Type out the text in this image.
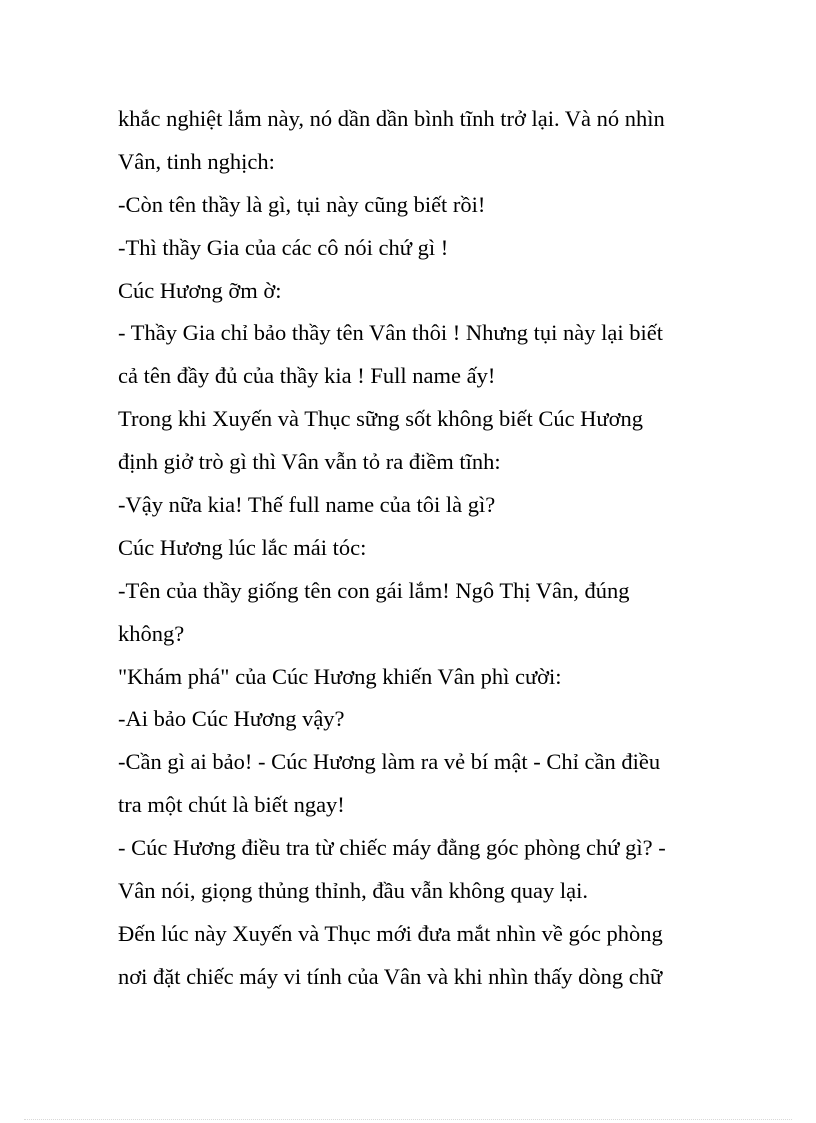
khắc nghiệt lắm này, nó dần dần bình tĩnh trở lại. Và nó nhìn
Vân, tinh nghịch:
-Còn tên thầy là gì, tụi này cũng biết rồi!
-Thì thầy Gia của các cô nói chứ gì !
Cúc Hương ỡm ờ:
- Thầy Gia chỉ bảo thầy tên Vân thôi ! Nhưng tụi này lại biết
cả tên đầy đủ của thầy kia ! Full name ấy!
Trong khi Xuyến và Thục sững sốt không biết Cúc Hương
định giở trò gì thì Vân vẫn tỏ ra điềm tĩnh:
-Vậy nữa kia! Thế full name của tôi là gì?
Cúc Hương lúc lắc mái tóc:
-Tên của thầy giống tên con gái lắm! Ngô Thị Vân, đúng
không?
"Khám phá" của Cúc Hương khiến Vân phì cười:
-Ai bảo Cúc Hương vậy?
-Cần gì ai bảo! - Cúc Hương làm ra vẻ bí mật - Chỉ cần điều
tra một chút là biết ngay!
- Cúc Hương điều tra từ chiếc máy đằng góc phòng chứ gì? -
Vân nói, giọng thủng thỉnh, đầu vẫn không quay lại.
Đến lúc này Xuyến và Thục mới đưa mắt nhìn về góc phòng
nơi đặt chiếc máy vi tính của Vân và khi nhìn thấy dòng chữ
